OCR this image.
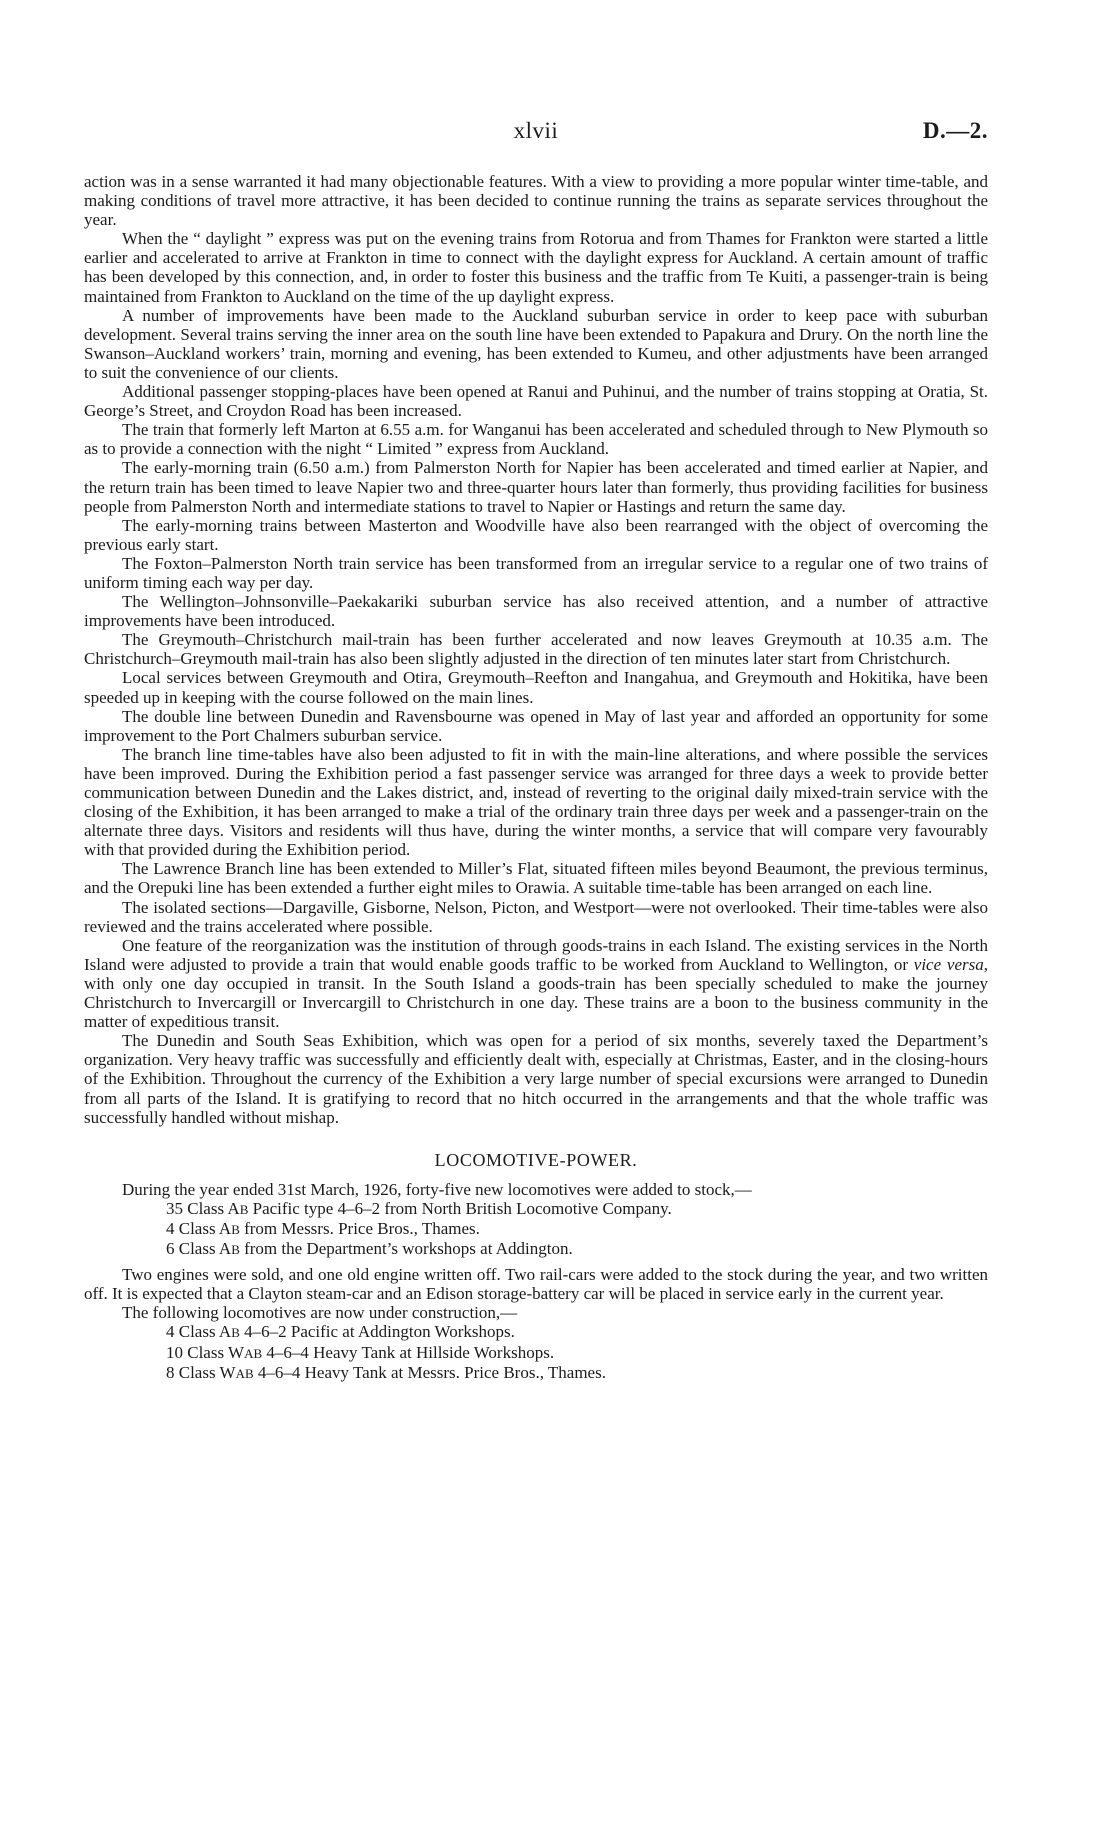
xlvii	D.—2.

action was in a sense warranted it had many objectionable features. With a view to providing a more popular winter time-table, and making conditions of travel more attractive, it has been decided to continue running the trains as separate services throughout the year.

When the “ daylight ” express was put on the evening trains from Rotorua and from Thames for Frankton were started a little earlier and accelerated to arrive at Frankton in time to connect with the daylight express for Auckland. A certain amount of traffic has been developed by this connection, and, in order to foster this business and the traffic from Te Kuiti, a passenger-train is being maintained from Frankton to Auckland on the time of the up daylight express.

A number of improvements have been made to the Auckland suburban service in order to keep pace with suburban development. Several trains serving the inner area on the south line have been extended to Papakura and Drury. On the north line the Swanson–Auckland workers’ train, morning and evening, has been extended to Kumeu, and other adjustments have been arranged to suit the convenience of our clients.

Additional passenger stopping-places have been opened at Ranui and Puhinui, and the number of trains stopping at Oratia, St. George’s Street, and Croydon Road has been increased.

The train that formerly left Marton at 6.55 a.m. for Wanganui has been accelerated and scheduled through to New Plymouth so as to provide a connection with the night “ Limited ” express from Auckland.

The early-morning train (6.50 a.m.) from Palmerston North for Napier has been accelerated and timed earlier at Napier, and the return train has been timed to leave Napier two and three-quarter hours later than formerly, thus providing facilities for business people from Palmerston North and intermediate stations to travel to Napier or Hastings and return the same day.

The early-morning trains between Masterton and Woodville have also been rearranged with the object of overcoming the previous early start.

The Foxton–Palmerston North train service has been transformed from an irregular service to a regular one of two trains of uniform timing each way per day.

The Wellington–Johnsonville–Paekakariki suburban service has also received attention, and a number of attractive improvements have been introduced.

The Greymouth–Christchurch mail-train has been further accelerated and now leaves Greymouth at 10.35 a.m. The Christchurch–Greymouth mail-train has also been slightly adjusted in the direction of ten minutes later start from Christchurch.

Local services between Greymouth and Otira, Greymouth–Reefton and Inangahua, and Greymouth and Hokitika, have been speeded up in keeping with the course followed on the main lines.

The double line between Dunedin and Ravensbourne was opened in May of last year and afforded an opportunity for some improvement to the Port Chalmers suburban service.

The branch line time-tables have also been adjusted to fit in with the main-line alterations, and where possible the services have been improved. During the Exhibition period a fast passenger service was arranged for three days a week to provide better communication between Dunedin and the Lakes district, and, instead of reverting to the original daily mixed-train service with the closing of the Exhibition, it has been arranged to make a trial of the ordinary train three days per week and a passenger-train on the alternate three days. Visitors and residents will thus have, during the winter months, a service that will compare very favourably with that provided during the Exhibition period.

The Lawrence Branch line has been extended to Miller’s Flat, situated fifteen miles beyond Beaumont, the previous terminus, and the Orepuki line has been extended a further eight miles to Orawia. A suitable time-table has been arranged on each line.

The isolated sections—Dargaville, Gisborne, Nelson, Picton, and Westport—were not overlooked. Their time-tables were also reviewed and the trains accelerated where possible.

One feature of the reorganization was the institution of through goods-trains in each Island. The existing services in the North Island were adjusted to provide a train that would enable goods traffic to be worked from Auckland to Wellington, or vice versa, with only one day occupied in transit. In the South Island a goods-train has been specially scheduled to make the journey Christchurch to Invercargill or Invercargill to Christchurch in one day. These trains are a boon to the business community in the matter of expeditious transit.

The Dunedin and South Seas Exhibition, which was open for a period of six months, severely taxed the Department’s organization. Very heavy traffic was successfully and efficiently dealt with, especially at Christmas, Easter, and in the closing-hours of the Exhibition. Throughout the currency of the Exhibition a very large number of special excursions were arranged to Dunedin from all parts of the Island. It is gratifying to record that no hitch occurred in the arrangements and that the whole traffic was successfully handled without mishap.

LOCOMOTIVE-POWER.

During the year ended 31st March, 1926, forty-five new locomotives were added to stock,—

35 Class AB Pacific type 4–6–2 from North British Locomotive Company.
4 Class AB from Messrs. Price Bros., Thames.
6 Class AB from the Department’s workshops at Addington.

Two engines were sold, and one old engine written off. Two rail-cars were added to the stock during the year, and two written off. It is expected that a Clayton steam-car and an Edison storage-battery car will be placed in service early in the current year.

The following locomotives are now under construction,—

4 Class AB 4–6–2 Pacific at Addington Workshops.
10 Class WAB 4–6–4 Heavy Tank at Hillside Workshops.
8 Class WAB 4–6–4 Heavy Tank at Messrs. Price Bros., Thames.
